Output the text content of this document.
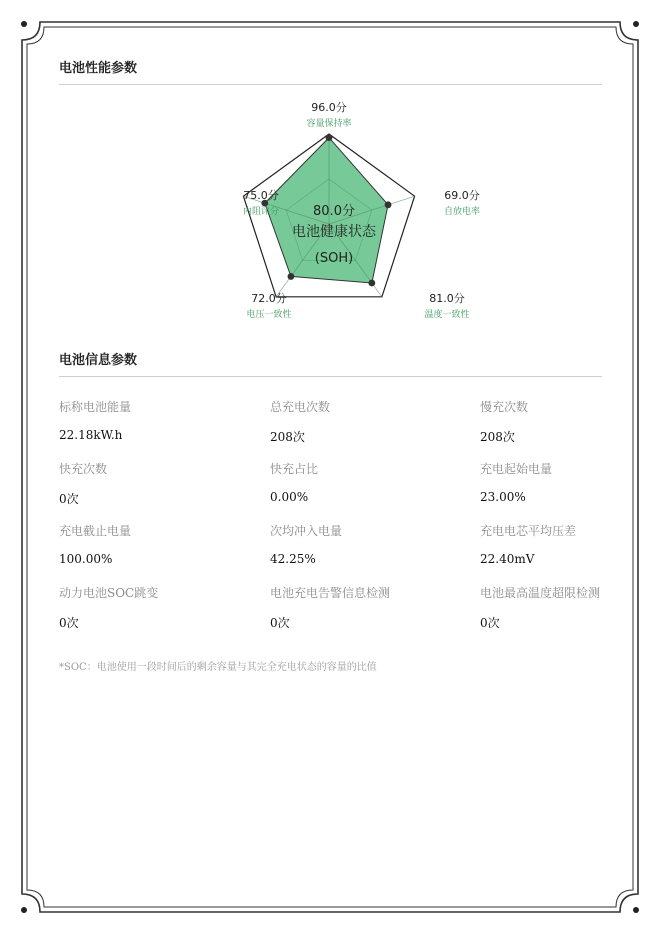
电池性能参数
96.0分
容量保持率
69.0分
自放电率
81.0分
温度一致性
72.0分
电压一致性
75.0分
内阻评分	80.0分
电池健康状态
(SOH)
电池信息参数
标称电池能量
22.18kW.h
总充电次数
208次
慢充次数
208次
快充次数
0次
快充占比
0.00%
充电起始电量
23.00%
充电截止电量
100.00%
次均冲入电量
42.25%
充电电芯平均压差
22.40mV
动力电池SOC跳变
0次
电池充电告警信息检测
0次
电池最高温度超限检测
0次
*SOC：电池使用一段时间后的剩余容量与其完全充电状态的容量的比值
